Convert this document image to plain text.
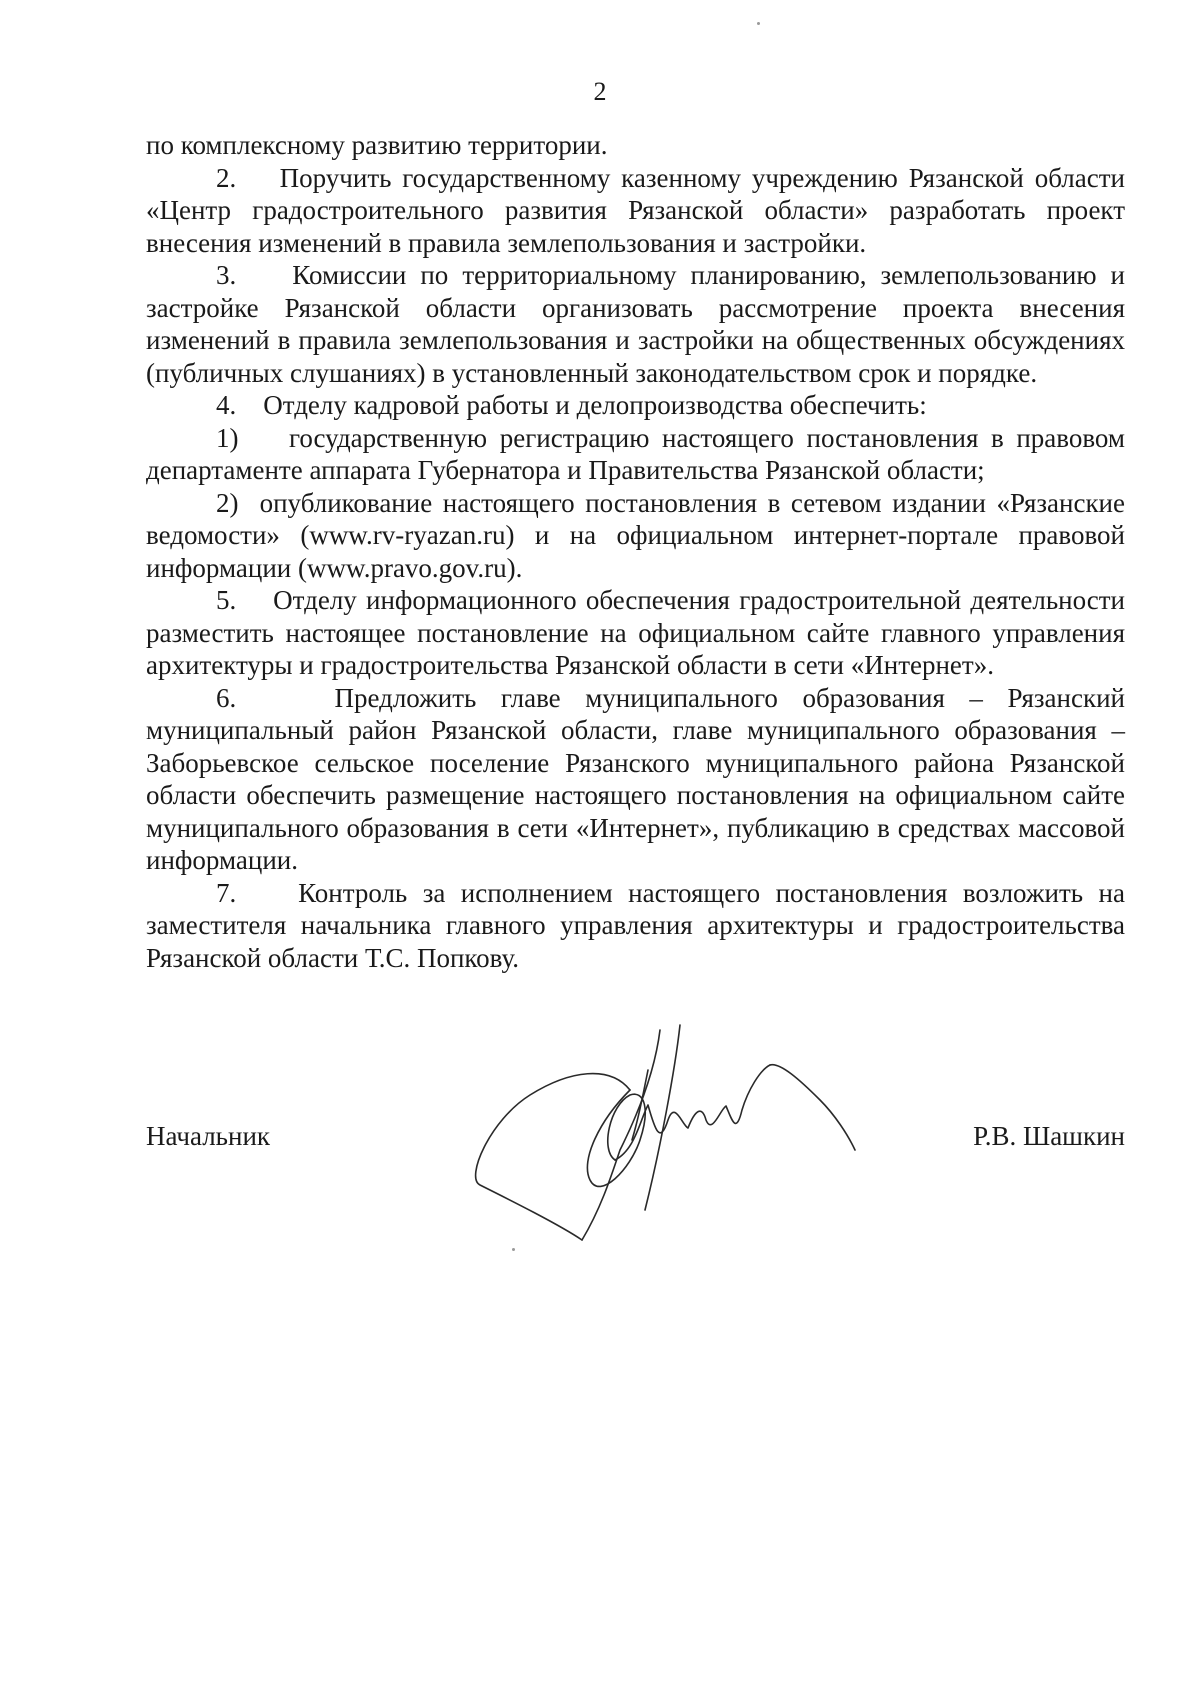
2

по комплексному развитию территории.

2.    Поручить государственному казенному учреждению Рязанской области «Центр градостроительного развития Рязанской области» разработать проект внесения изменений в правила землепользования и застройки.

3.    Комиссии по территориальному планированию, землепользованию и застройке Рязанской области организовать рассмотрение проекта внесения изменений в правила землепользования и застройки на общественных обсуждениях (публичных слушаниях) в установленный законодательством срок и порядке.

4.    Отделу кадровой работы и делопроизводства обеспечить:

1)    государственную регистрацию настоящего постановления в правовом департаменте аппарата Губернатора и Правительства Рязанской области;

2)  опубликование настоящего постановления в сетевом издании «Рязанские ведомости» (www.rv-ryazan.ru) и на официальном интернет-портале правовой информации (www.pravo.gov.ru).

5.    Отделу информационного обеспечения градостроительной деятельности разместить настоящее постановление на официальном сайте главного управления архитектуры и градостроительства Рязанской области в сети «Интернет».

6.    Предложить главе муниципального образования – Рязанский муниципальный район Рязанской области, главе муниципального образования – Заборьевское сельское поселение Рязанского муниципального района Рязанской области обеспечить размещение настоящего постановления на официальном сайте муниципального образования в сети «Интернет», публикацию в средствах массовой информации.

7.    Контроль за исполнением настоящего постановления возложить на заместителя начальника главного управления архитектуры и градостроительства Рязанской области Т.С. Попкову.

Начальник	Р.В. Шашкин
